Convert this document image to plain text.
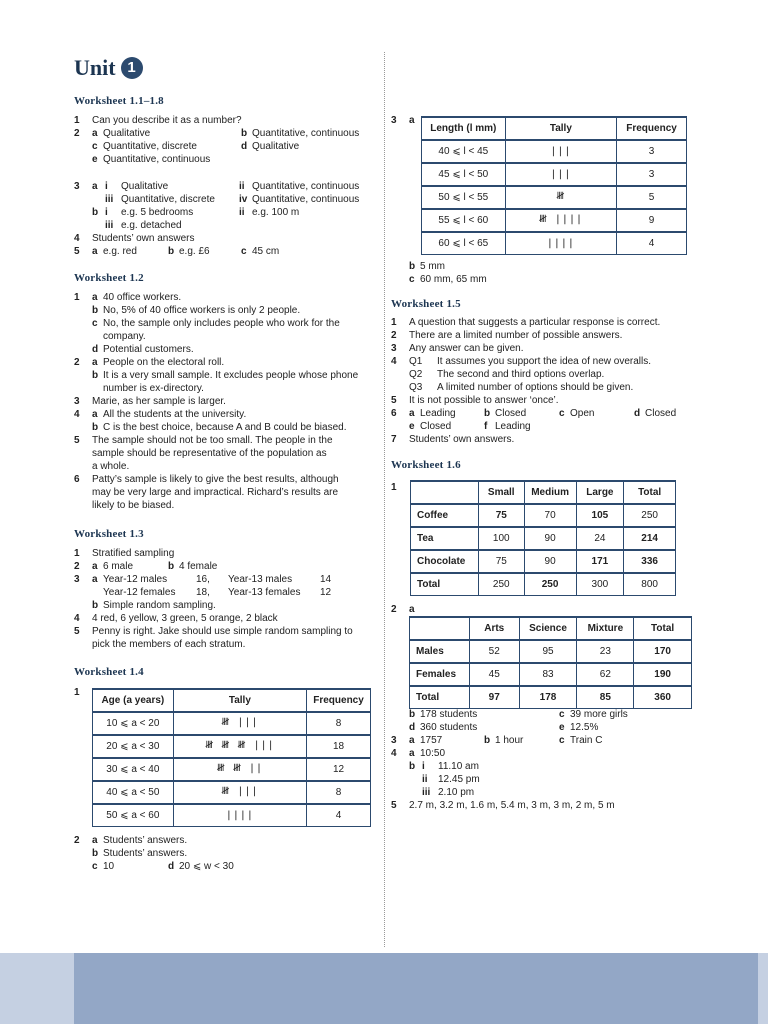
Unit 1
Worksheet 1.1–1.8
1 Can you describe it as a number?
2 a Qualitative	b Quantitative, continuous
c Quantitative, discrete	d Qualitative
e Quantitative, continuous
3 a i Qualitative	ii Quantitative, continuous
iii Quantitative, discrete iv Quantitative, continuous
b i e.g. 5 bedrooms	ii e.g. 100 m
iii e.g. detached
4 Students’ own answers
5 a e.g. red	b e.g. £6	c 45 cm
Worksheet 1.2
1 a 40 office workers.
b No, 5% of 40 office workers is only 2 people.
c No, the sample only includes people who work for the
company.
d Potential customers.
2 a People on the electoral roll.
b It is a very small sample. It excludes people whose phone
number is ex-directory.
3 Marie, as her sample is larger.
4 a All the students at the university.
b C is the best choice, because A and B could be biased.
5 The sample should not be too small. The people in the
sample should be representative of the population as
a whole.
6 Patty’s sample is likely to give the best results, although
may be very large and impractical. Richard’s results are
likely to be biased.
Worksheet 1.3
1 Stratified sampling
2 a 6 male	b 4 female
3 a Year-12 males	16, Year-13 males	14
Year-12 females 18, Year-13 females 12
b Simple random sampling.
4 4 red, 6 yellow, 3 green, 5 orange, 2 black
5 Penny is right. Jake should use simple random sampling to
pick the members of each stratum.
Worksheet 1.4
1
Age (a years)	Tally	Frequency
10 ⩽ a < 20	𝍸 |||	8
20 ⩽ a < 30	𝍸 𝍸 𝍸 |||	18
30 ⩽ a < 40	𝍸 𝍸 ||	12
40 ⩽ a < 50	𝍸 |||	8
50 ⩽ a < 60	||||	4
2 a Students’ answers.
b Students’ answers.
c 10	d 20 ⩽ w < 30
3 a
Length (l mm)	Tally	Frequency
40 ⩽ l < 45	|||	3
45 ⩽ l < 50	|||	3
50 ⩽ l < 55	𝍸	5
55 ⩽ l < 60	𝍸 ||||	9
60 ⩽ l < 65	||||	4
b 5 mm
c 60 mm, 65 mm
Worksheet 1.5
1 A question that suggests a particular response is correct.
2 There are a limited number of possible answers.
3 Any answer can be given.
4 Q1 It assumes you support the idea of new overalls.
Q2 The second and third options overlap.
Q3 A limited number of options should be given.
5 It is not possible to answer ‘once’.
6 a Leading	b Closed	c Open	d Closed
e Closed	f Leading
7 Students’ own answers.
Worksheet 1.6
1
		Small	Medium	Large	Total
Coffee	75	70	105	250
Tea	100	90	24	214
Chocolate	75	90	171	336
Total	250	250	300	800
2 a
	Arts	Science	Mixture	Total
Males	52	95	23	170
Females	45	83	62	190
Total	97	178	85	360
b 178 students	c 39 more girls
d 360 students	e 12.5%
3 a 1757	b 1 hour	c Train C
4 a 10:50
b i 11.10 am
ii 12.45 pm
iii 2.10 pm
5 2.7 m, 3.2 m, 1.6 m, 5.4 m, 3 m, 3 m, 2 m, 5 m
